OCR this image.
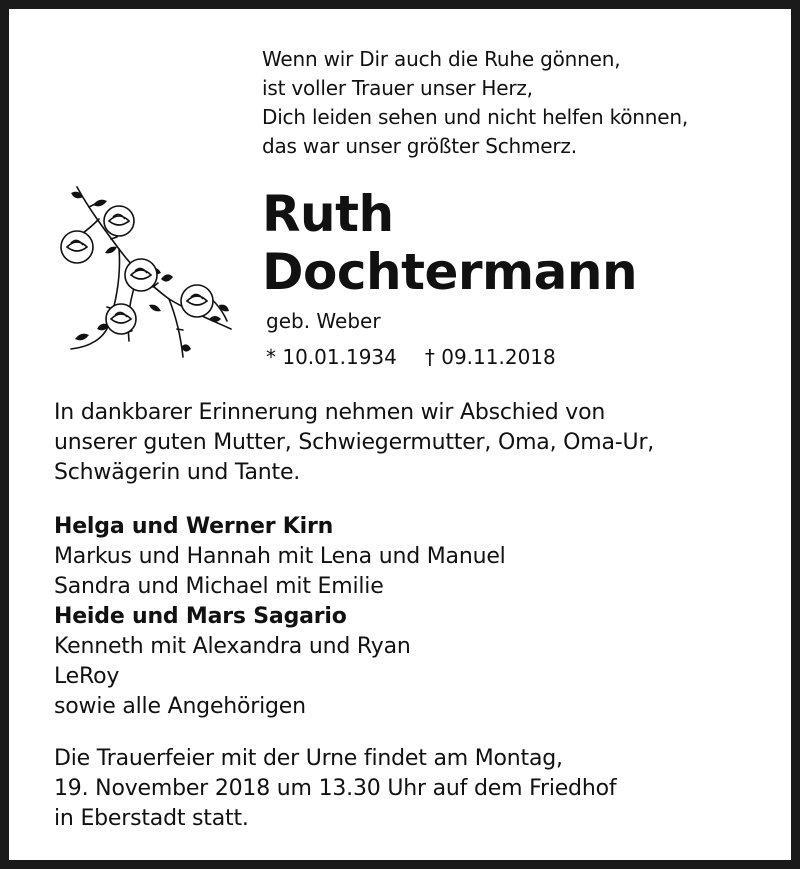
Wenn wir Dir auch die Ruhe gönnen,
ist voller Trauer unser Herz,
Dich leiden sehen und nicht helfen können,
das war unser größter Schmerz.
Ruth
Dochtermann
geb. Weber
* 10.01.1934 † 09.11.2018
In dankbarer Erinnerung nehmen wir Abschied von
unserer guten Mutter, Schwiegermutter, Oma, Oma-Ur,
Schwägerin und Tante.
Helga und Werner Kirn
Markus und Hannah mit Lena und Manuel
Sandra und Michael mit Emilie
Heide und Mars Sagario
Kenneth mit Alexandra und Ryan
LeRoy
sowie alle Angehörigen
Die Trauerfeier mit der Urne findet am Montag,
19. November 2018 um 13.30 Uhr auf dem Friedhof
in Eberstadt statt.
